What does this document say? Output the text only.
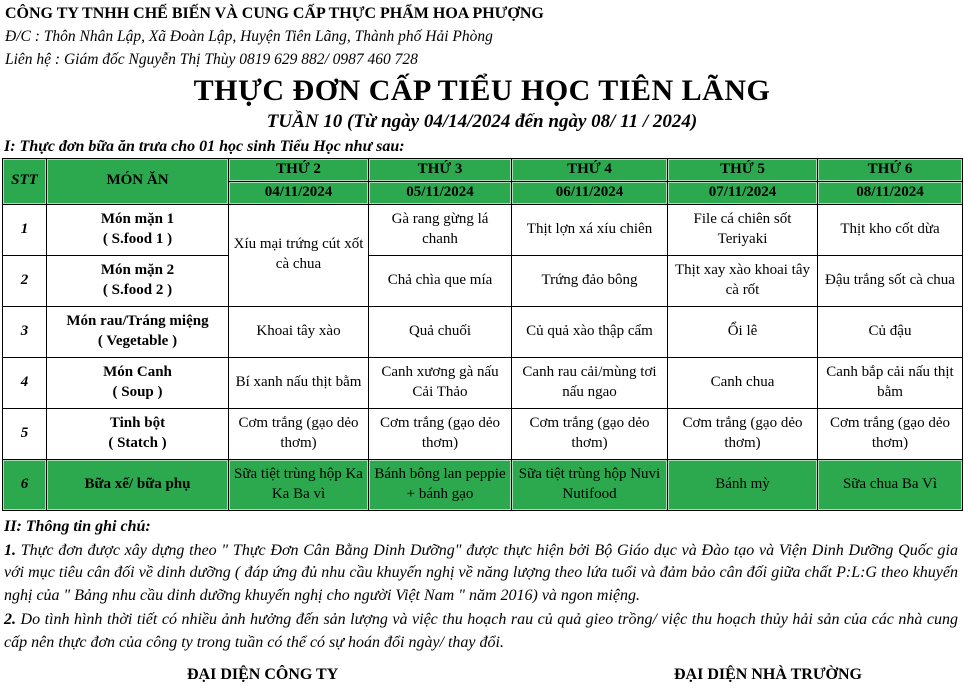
CÔNG TY TNHH CHẾ BIẾN VÀ CUNG CẤP THỰC PHẨM HOA PHƯỢNG
Đ/C : Thôn Nhân Lập, Xã Đoàn Lập, Huyện Tiên Lãng, Thành phố Hải Phòng
Liên hệ : Giám đốc Nguyễn Thị Thùy 0819 629 882/ 0987 460 728
THỰC ĐƠN CẤP TIỂU HỌC TIÊN LÃNG
TUẦN 10 (Từ ngày 04/14/2024 đến ngày 08/ 11 / 2024)
I: Thực đơn bữa ăn trưa cho 01 học sinh Tiểu Học như sau:
STT	MÓN ĂN	THỨ 2	THỨ 3	THỨ 4	THỨ 5	THỨ 6
		04/11/2024	05/11/2024	06/11/2024	07/11/2024	08/11/2024
1	Món mặn 1
( S.food 1 )	Xíu mại trứng cút xốt cà chua	Gà rang gừng lá chanh	Thịt lợn xá xíu chiên	File cá chiên sốt Teriyaki	Thịt kho cốt dừa
2	Món mặn 2
( S.food 2 )		Chả chìa que mía	Trứng đảo bông	Thịt xay xào khoai tây cà rốt	Đậu trắng sốt cà chua
3	Món rau/Tráng miệng
( Vegetable )	Khoai tây xào	Quả chuối	Củ quả xào thập cẩm	Ổi lê	Củ đậu
4	Món Canh
( Soup )	Bí xanh nấu thịt bằm	Canh xương gà nấu Cải Thảo	Canh rau cải/mùng tơi nấu ngao	Canh chua	Canh bắp cải nấu thịt bằm
5	Tinh bột
( Statch )	Cơm trắng (gạo dẻo thơm)	Cơm trắng (gạo dẻo thơm)	Cơm trắng (gạo dẻo thơm)	Cơm trắng (gạo dẻo thơm)	Cơm trắng (gạo dẻo thơm)
6	Bữa xế/ bữa phụ	Sữa tiệt trùng hộp Ka Ka Ba vì	Bánh bông lan peppie + bánh gạo	Sữa tiệt trùng hộp Nuvi Nutifood	Bánh mỳ	Sữa chua Ba Vì
II: Thông tin ghi chú:
1. Thực đơn được xây dựng theo " Thực Đơn Cân Bằng Dinh Dưỡng" được thực hiện bởi Bộ Giáo dục và Đào tạo và Viện Dinh Dưỡng Quốc gia với mục tiêu cân đối về dinh dưỡng ( đáp ứng đủ nhu cầu khuyến nghị về năng lượng theo lứa tuổi và đảm bảo cân đối giữa chất P:L:G theo khuyến nghị của " Bảng nhu cầu dinh dưỡng khuyến nghị cho người Việt Nam " năm 2016) và ngon miệng.
2. Do tình hình thời tiết có nhiều ảnh hưởng đến sản lượng và việc thu hoạch rau củ quả gieo trồng/ việc thu hoạch thủy hải sản của các nhà cung cấp nên thực đơn của công ty trong tuần có thể có sự hoán đổi ngày/ thay đổi.
ĐẠI DIỆN CÔNG TY	ĐẠI DIỆN NHÀ TRƯỜNG
